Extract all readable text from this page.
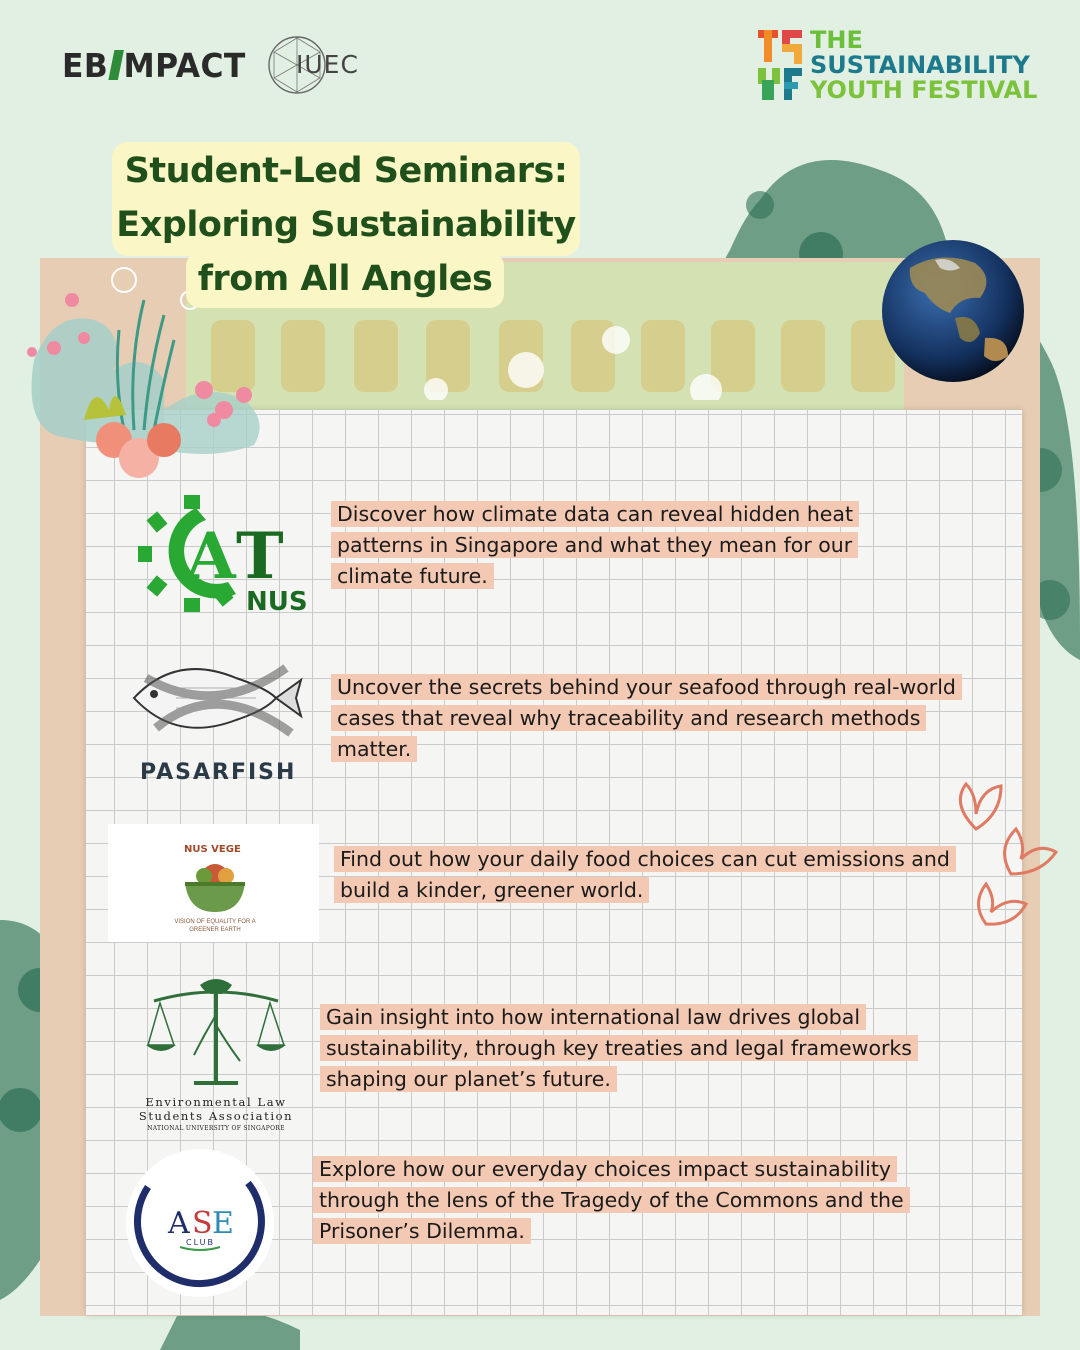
EB MPACT IUEC
THE
SUSTAINABILITY
YOUTH FESTIVAL
Student-Led Seminars:
Exploring Sustainability
from All Angles
A T
NUS
Discover how climate data can reveal hidden heat patterns in Singapore and what they mean for our climate future.
PASARFISH
Uncover the secrets behind your seafood through real-world cases that reveal why traceability and research methods matter.
NUS VEGE
VISION OF EQUALITY FOR A GREENER EARTH
Find out how your daily food choices can cut emissions and build a kinder, greener world.
Environmental Law
Students Association
NATIONAL UNIVERSITY OF SINGAPORE
Gain insight into how international law drives global sustainability, through key treaties and legal frameworks shaping our planet’s future.
A S E
CLUB
Explore how our everyday choices impact sustainability through the lens of the Tragedy of the Commons and the Prisoner’s Dilemma.
